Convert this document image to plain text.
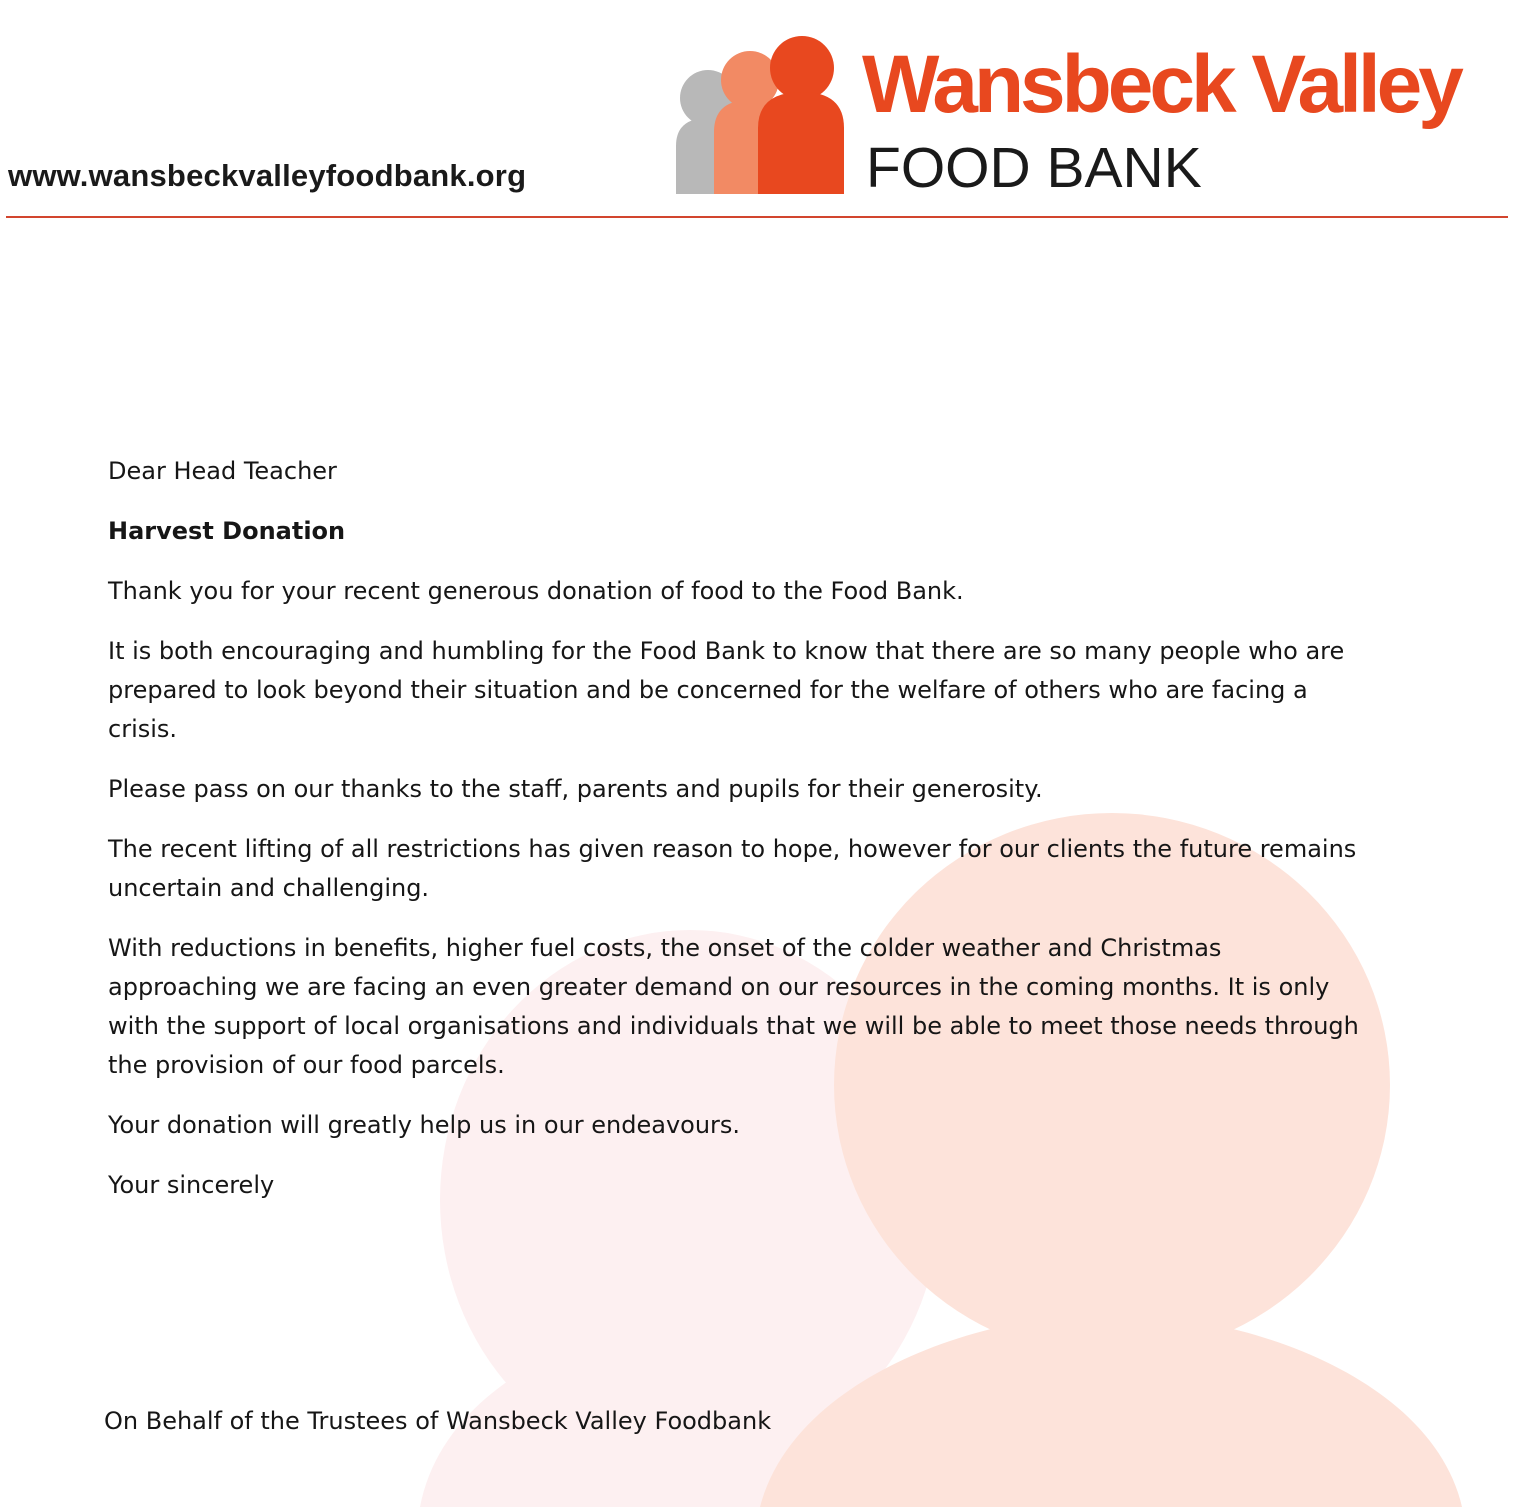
www.wansbeckvalleyfoodbank.org
Wansbeck Valley
FOOD BANK

Dear Head Teacher

Harvest Donation

Thank you for your recent generous donation of food to the Food Bank.

It is both encouraging and humbling for the Food Bank to know that there are so many people who are prepared to look beyond their situation and be concerned for the welfare of others who are facing a crisis.

Please pass on our thanks to the staff, parents and pupils for their generosity.

The recent lifting of all restrictions has given reason to hope, however for our clients the future remains uncertain and challenging.

With reductions in benefits, higher fuel costs, the onset of the colder weather and Christmas approaching we are facing an even greater demand on our resources in the coming months. It is only with the support of local organisations and individuals that we will be able to meet those needs through the provision of our food parcels.

Your donation will greatly help us in our endeavours.

Your sincerely

On Behalf of the Trustees of Wansbeck Valley Foodbank
